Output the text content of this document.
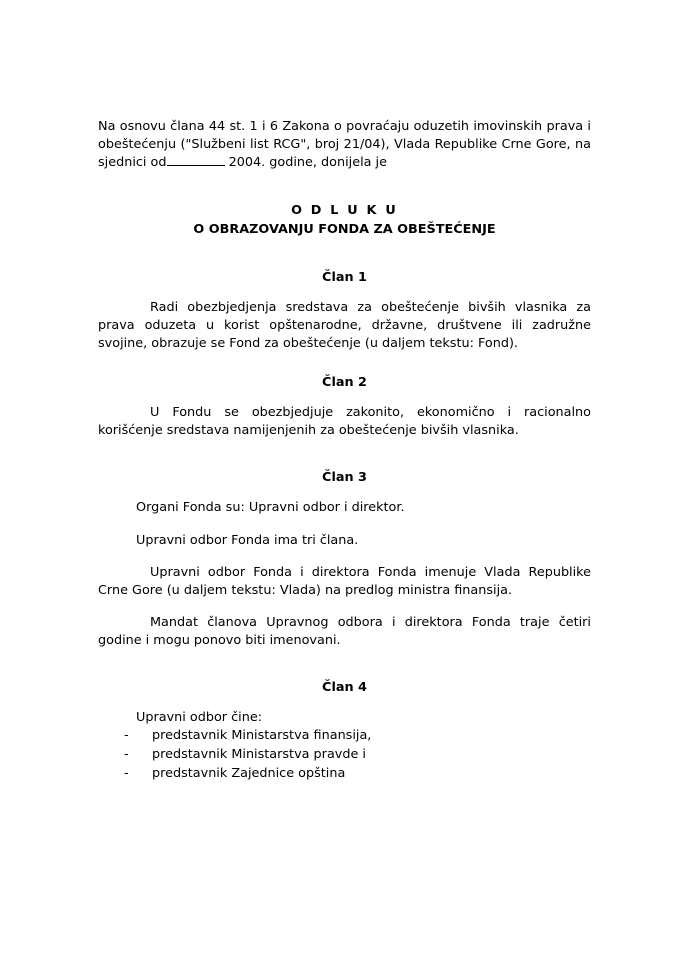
Na osnovu člana 44 st. 1 i 6 Zakona o povraćaju oduzetih imovinskih prava i obeštećenju ("Službeni list RCG", broj 21/04), Vlada Republike Crne Gore, na sjednici od	2004. godine, donijela je
O D L U K U
O OBRAZOVANJU FONDA ZA OBEŠTEĆENJE
Član 1
Radi obezbjedjenja sredstava za obeštećenje bivših vlasnika za prava oduzeta u korist opštenarodne, državne, društvene ili zadružne svojine, obrazuje se Fond za obeštećenje (u daljem tekstu: Fond).
Član 2
U Fondu se obezbjedjuje zakonito, ekonomično i racionalno korišćenje sredstava namijenjenih za obeštećenje bivših vlasnika.
Član 3
Organi Fonda su: Upravni odbor i direktor.
Upravni odbor Fonda ima tri člana.
Upravni odbor Fonda i direktora Fonda imenuje Vlada Republike Crne Gore (u daljem tekstu: Vlada) na predlog ministra finansija.
Mandat članova Upravnog odbora i direktora Fonda traje četiri godine i mogu ponovo biti imenovani.
Član 4
Upravni odbor čine:
- predstavnik Ministarstva finansija,
- predstavnik Ministarstva pravde i
- predstavnik Zajednice opština
